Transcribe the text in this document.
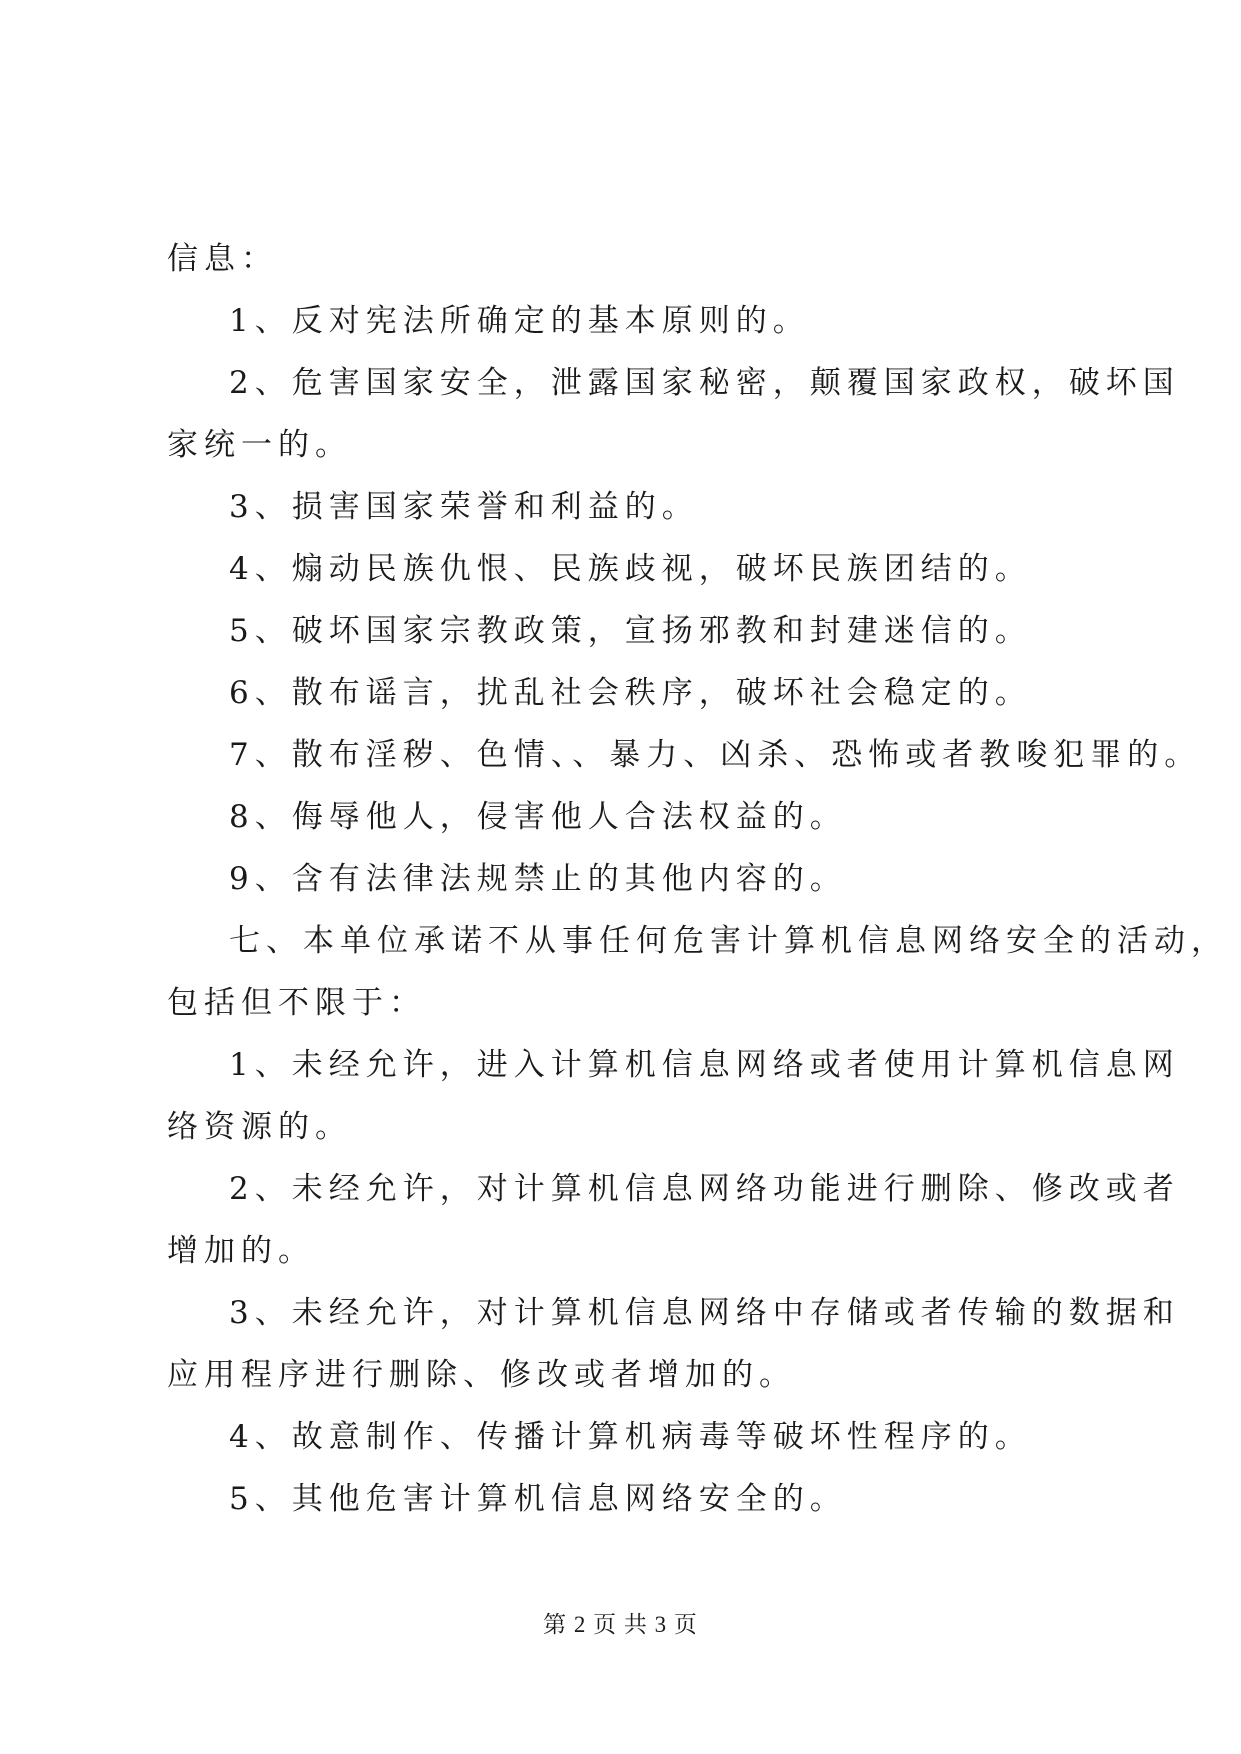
信息：
1、反对宪法所确定的基本原则的。
2、危害国家安全，泄露国家秘密，颠覆国家政权，破坏国
家统一的。
3、损害国家荣誉和利益的。
4、煽动民族仇恨、民族歧视，破坏民族团结的。
5、破坏国家宗教政策，宣扬邪教和封建迷信的。
6、散布谣言，扰乱社会秩序，破坏社会稳定的。
7、散布淫秽、色情、、暴力、凶杀、恐怖或者教唆犯罪的。
8、侮辱他人，侵害他人合法权益的。
9、含有法律法规禁止的其他内容的。
七、本单位承诺不从事任何危害计算机信息网络安全的活动，
包括但不限于：
1、未经允许，进入计算机信息网络或者使用计算机信息网
络资源的。
2、未经允许，对计算机信息网络功能进行删除、修改或者
增加的。
3、未经允许，对计算机信息网络中存储或者传输的数据和
应用程序进行删除、修改或者增加的。
4、故意制作、传播计算机病毒等破坏性程序的。
5、其他危害计算机信息网络安全的。
第 2 页 共 3 页
